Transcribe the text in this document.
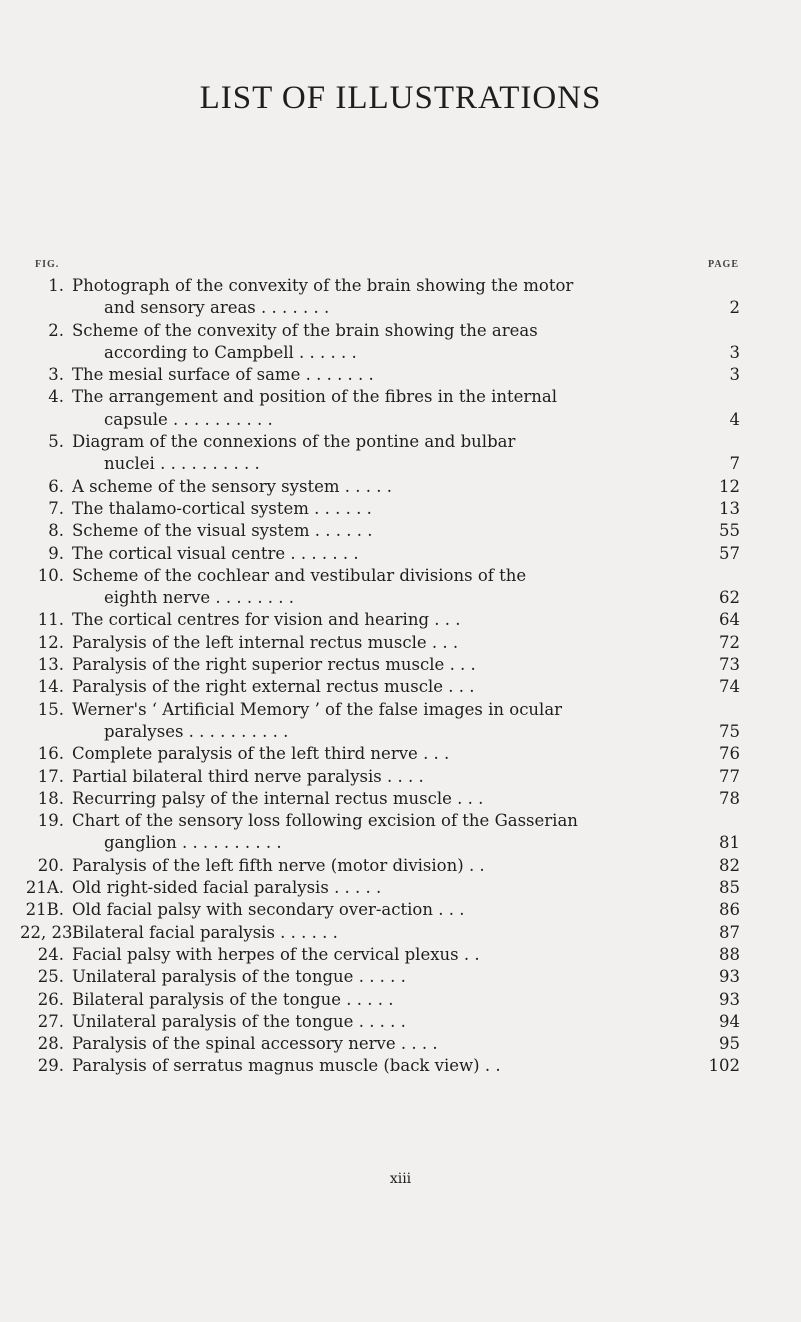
LIST OF ILLUSTRATIONS
FIG.	PAGE
1. Photograph of the convexity of the brain showing the motor
and sensory areas . . . . . . .	2
2. Scheme of the convexity of the brain showing the areas
according to Campbell . . . . . .	3
3. The mesial surface of same . . . . . . .	3
4. The arrangement and position of the fibres in the internal
capsule . . . . . . . . . .	4
5. Diagram of the connexions of the pontine and bulbar
nuclei . . . . . . . . . .	7
6. A scheme of the sensory system . . . . .	12
7. The thalamo-cortical system . . . . . .	13
8. Scheme of the visual system . . . . . .	55
9. The cortical visual centre . . . . . . .	57
10. Scheme of the cochlear and vestibular divisions of the
eighth nerve . . . . . . . .	62
11. The cortical centres for vision and hearing . . .	64
12. Paralysis of the left internal rectus muscle . . .	72
13. Paralysis of the right superior rectus muscle . . .	73
14. Paralysis of the right external rectus muscle . . .	74
15. Werner's ‘ Artificial Memory ’ of the false images in ocular
paralyses . . . . . . . . . .	75
16. Complete paralysis of the left third nerve . . .	76
17. Partial bilateral third nerve paralysis . . . .	77
18. Recurring palsy of the internal rectus muscle . . .	78
19. Chart of the sensory loss following excision of the Gasserian
ganglion . . . . . . . . . .	81
20. Paralysis of the left fifth nerve (motor division) . .	82
21A. Old right-sided facial paralysis . . . . .	85
21B. Old facial palsy with secondary over-action . . .	86
22, 23.
Bilateral facial paralysis . . . . . .	87
24. Facial palsy with herpes of the cervical plexus . .	88
25. Unilateral paralysis of the tongue . . . . .	93
26. Bilateral paralysis of the tongue . . . . .	93
27. Unilateral paralysis of the tongue . . . . .	94
28. Paralysis of the spinal accessory nerve . . . .	95
29. Paralysis of serratus magnus muscle (back view) . .	102
xiii
